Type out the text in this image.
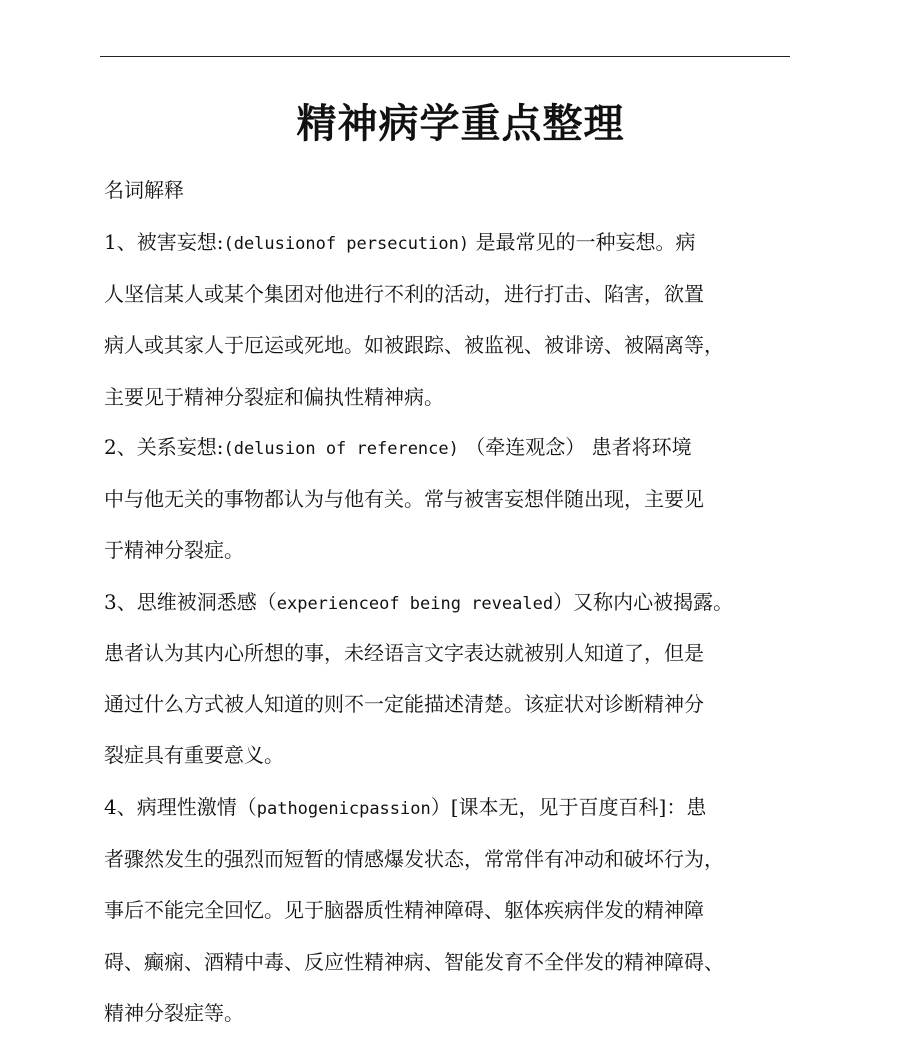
精神病学重点整理
名词解释
1、被害妄想:(delusionof persecution) 是最常见的一种妄想。病
人坚信某人或某个集团对他进行不利的活动，进行打击、陷害，欲置
病人或其家人于厄运或死地。如被跟踪、被监视、被诽谤、被隔离等，
主要见于精神分裂症和偏执性精神病。
2、关系妄想:(delusion of reference) （牵连观念） 患者将环境
中与他无关的事物都认为与他有关。常与被害妄想伴随出现，主要见
于精神分裂症。
3、思维被洞悉感（experienceof being revealed）又称内心被揭露。
患者认为其内心所想的事，未经语言文字表达就被别人知道了，但是
通过什么方式被人知道的则不一定能描述清楚。该症状对诊断精神分
裂症具有重要意义。
4、病理性激情（pathogenicpassion）[课本无，见于百度百科]：患
者骤然发生的强烈而短暂的情感爆发状态，常常伴有冲动和破坏行为，
事后不能完全回忆。见于脑器质性精神障碍、躯体疾病伴发的精神障
碍、癫痫、酒精中毒、反应性精神病、智能发育不全伴发的精神障碍、
精神分裂症等。
